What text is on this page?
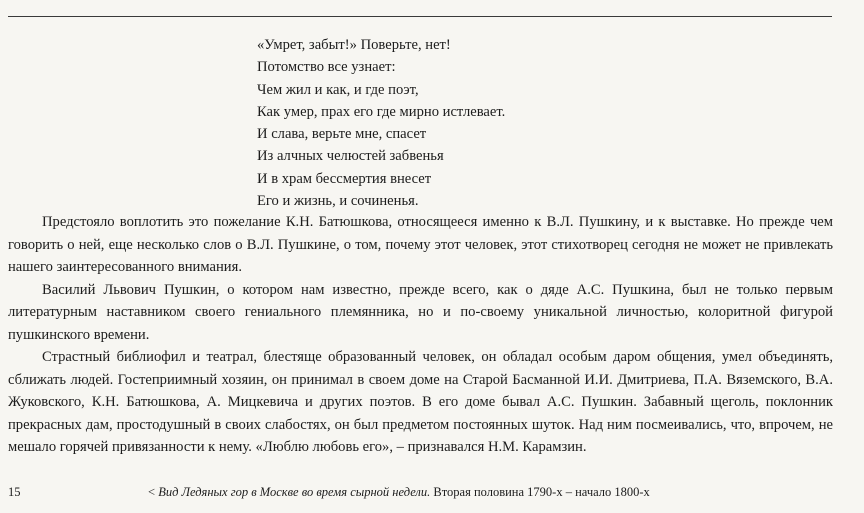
«Умрет, забыт!» Поверьте, нет!
Потомство все узнает:
Чем жил и как, и где поэт,
Как умер, прах его где мирно истлевает.
И слава, верьте мне, спасет
Из алчных челюстей забвенья
И в храм бессмертия внесет
Его и жизнь, и сочиненья.

Предстояло воплотить это пожелание К.Н. Батюшкова, относящееся именно к В.Л. Пушкину, и к выставке. Но прежде чем говорить о ней, еще несколько слов о В.Л. Пушкине, о том, почему этот человек, этот стихотворец сегодня не может не привлекать нашего заинтересованного внимания.

Василий Львович Пушкин, о котором нам известно, прежде всего, как о дяде А.С. Пушкина, был не только первым литературным наставником своего гениального племянника, но и по-своему уникальной личностью, колоритной фигурой пушкинского времени.

Страстный библиофил и театрал, блестяще образованный человек, он обладал особым даром общения, умел объединять, сближать людей. Гостеприимный хозяин, он принимал в своем доме на Старой Басманной И.И. Дмитриева, П.А. Вяземского, В.А. Жуковского, К.Н. Батюшкова, А. Мицкевича и других поэтов. В его доме бывал А.С. Пушкин. Забавный щеголь, поклонник прекрасных дам, простодушный в своих слабостях, он был предметом постоянных шуток. Над ним посмеивались, что, впрочем, не мешало горячей привязанности к нему. «Люблю любовь его», – признавался Н.М. Карамзин.

15	< Вид Ледяных гор в Москве во время сырной недели. Вторая половина 1790-х – начало 1800-х
